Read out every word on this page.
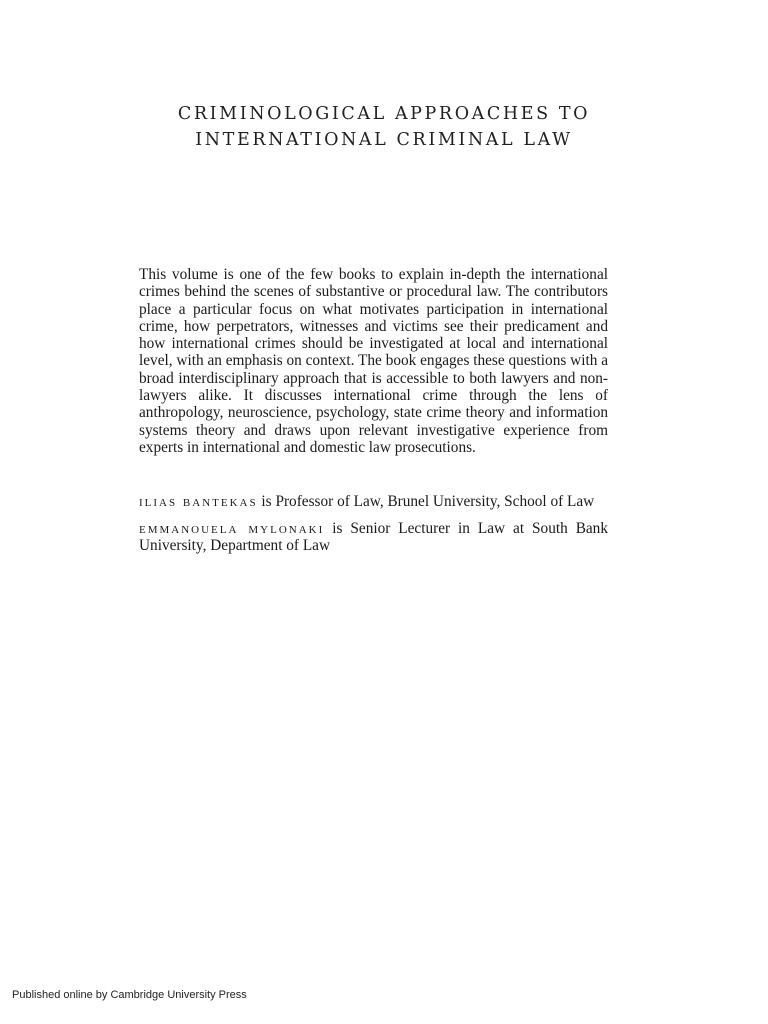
CRIMINOLOGICAL APPROACHES TO
INTERNATIONAL CRIMINAL LAW

This volume is one of the few books to explain in-depth the international crimes behind the scenes of substantive or procedural law. The contributors place a particular focus on what motivates participation in international crime, how perpetrators, witnesses and victims see their predicament and how international crimes should be investigated at local and international level, with an emphasis on context. The book engages these questions with a broad interdisciplinary approach that is accessible to both lawyers and non-lawyers alike. It discusses international crime through the lens of anthropology, neuroscience, psychology, state crime theory and information systems theory and draws upon relevant investigative experience from experts in international and domestic law prosecutions.

ilias bantekas is Professor of Law, Brunel University, School of Law

emmanouela mylonaki is Senior Lecturer in Law at South Bank University, Department of Law

Published online by Cambridge University Press
